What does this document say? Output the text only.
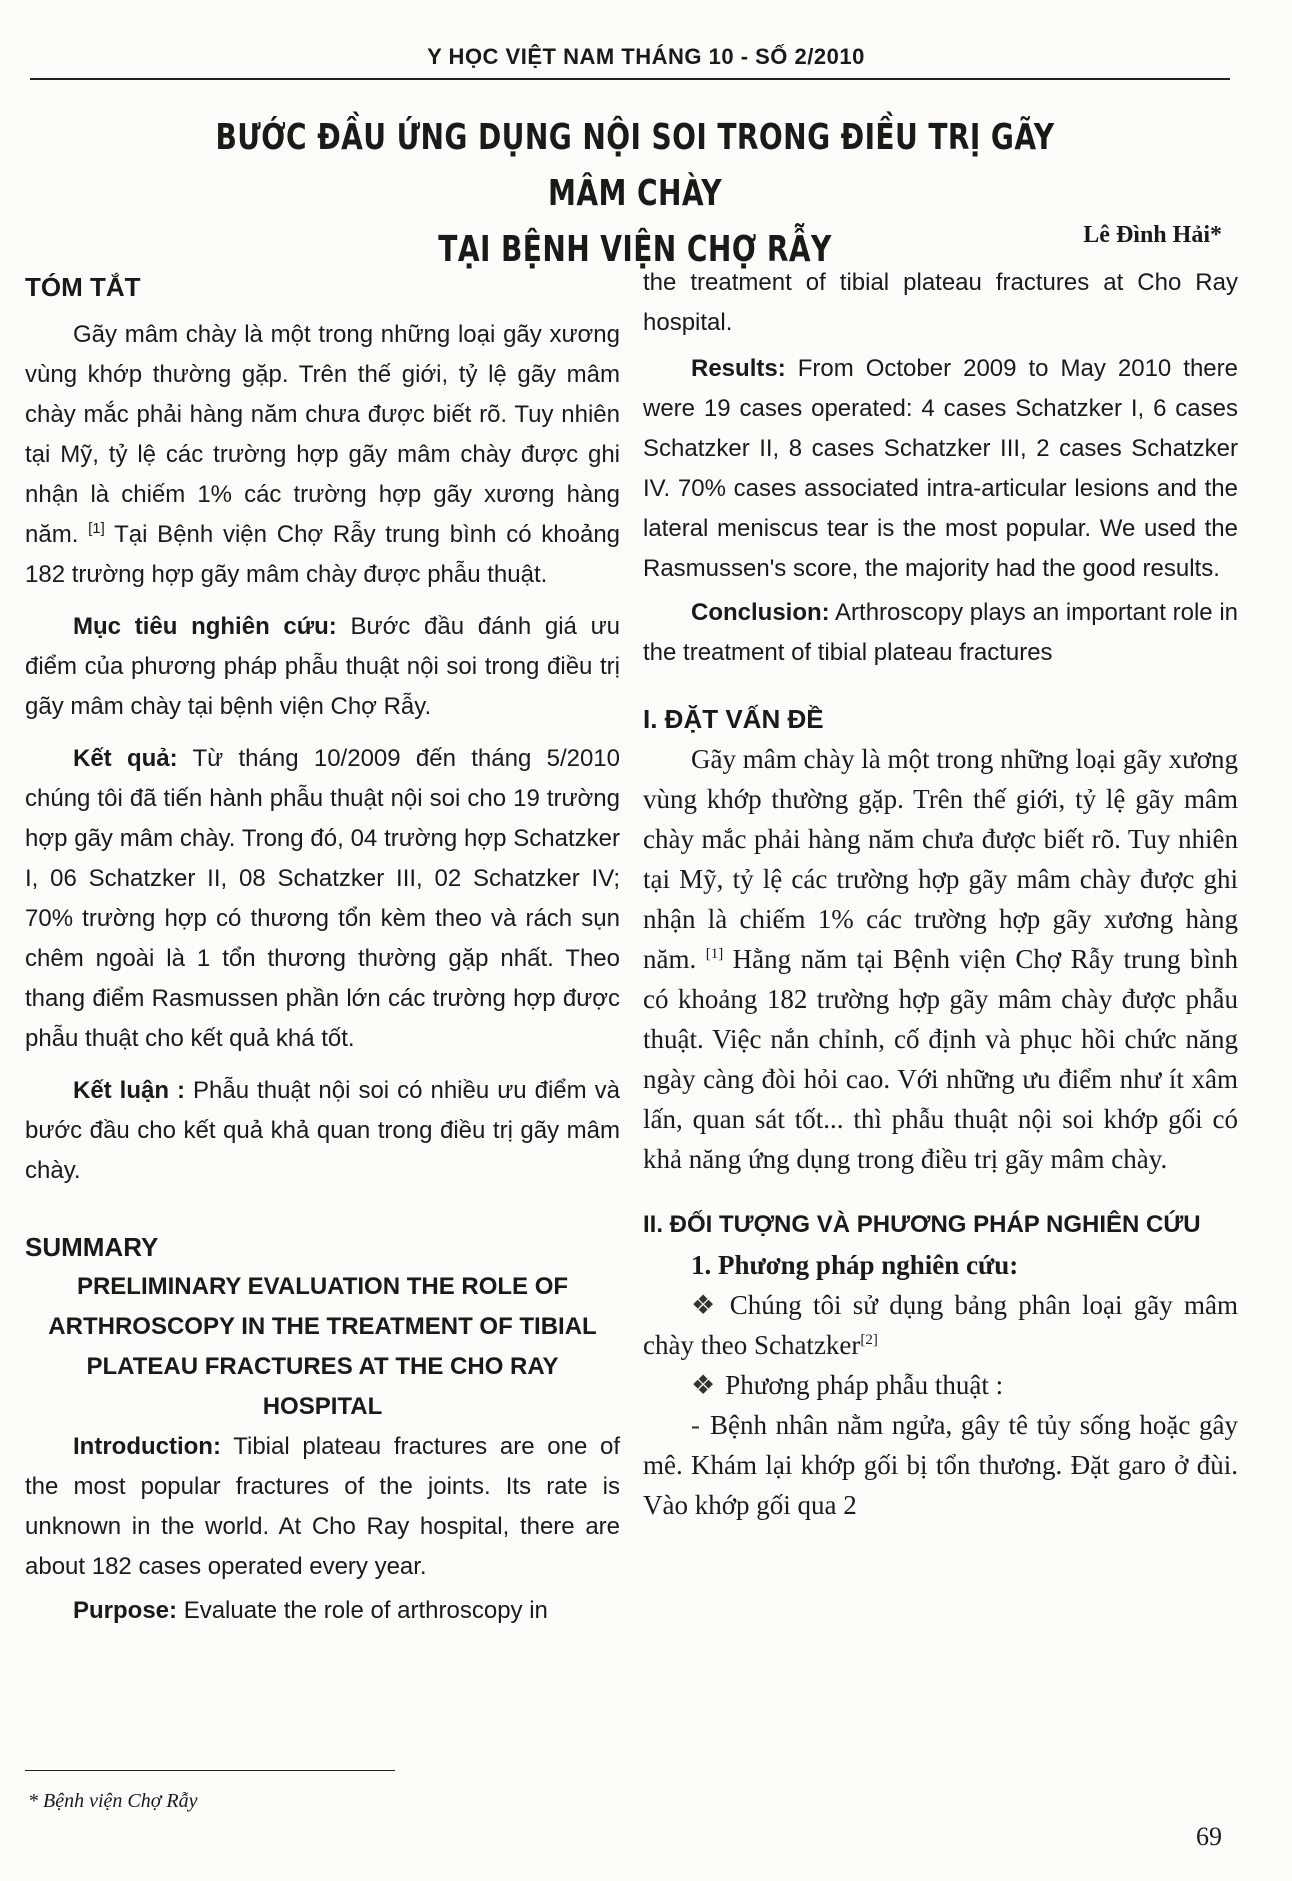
Y HỌC VIỆT NAM THÁNG 10 - SỐ 2/2010
BƯỚC ĐẦU ỨNG DỤNG NỘI SOI TRONG ĐIỀU TRỊ GÃY MÂM CHÀY
TẠI BỆNH VIỆN CHỢ RẪY	Lê Đình Hải*
TÓM TẮT

Gãy mâm chày là một trong những loại gãy xương vùng khớp thường gặp. Trên thế giới, tỷ lệ gãy mâm chày mắc phải hàng năm chưa được biết rõ. Tuy nhiên tại Mỹ, tỷ lệ các trường hợp gãy mâm chày được ghi nhận là chiếm 1% các trường hợp gãy xương hàng năm. [1] Tại Bệnh viện Chợ Rẫy trung bình có khoảng 182 trường hợp gãy mâm chày được phẫu thuật.

Mục tiêu nghiên cứu: Bước đầu đánh giá ưu điểm của phương pháp phẫu thuật nội soi trong điều trị gãy mâm chày tại bệnh viện Chợ Rẫy.

Kết quả: Từ tháng 10/2009 đến tháng 5/2010 chúng tôi đã tiến hành phẫu thuật nội soi cho 19 trường hợp gãy mâm chày. Trong đó, 04 trường hợp Schatzker I, 06 Schatzker II, 08 Schatzker III, 02 Schatzker IV; 70% trường hợp có thương tổn kèm theo và rách sụn chêm ngoài là 1 tổn thương thường gặp nhất. Theo thang điểm Rasmussen phần lớn các trường hợp được phẫu thuật cho kết quả khá tốt.

Kết luận : Phẫu thuật nội soi có nhiều ưu điểm và bước đầu cho kết quả khả quan trong điều trị gãy mâm chày.

SUMMARY

PRELIMINARY EVALUATION THE ROLE OF ARTHROSCOPY IN THE TREATMENT OF TIBIAL PLATEAU FRACTURES AT THE CHO RAY HOSPITAL

Introduction: Tibial plateau fractures are one of the most popular fractures of the joints. Its rate is unknown in the world. At Cho Ray hospital, there are about 182 cases operated every year.

Purpose: Evaluate the role of arthroscopy in

the treatment of tibial plateau fractures at Cho Ray hospital.

Results: From October 2009 to May 2010 there were 19 cases operated: 4 cases Schatzker I, 6 cases Schatzker II, 8 cases Schatzker III, 2 cases Schatzker IV. 70% cases associated intra-articular lesions and the lateral meniscus tear is the most popular. We used the Rasmussen's score, the majority had the good results.

Conclusion: Arthroscopy plays an important role in the treatment of tibial plateau fractures

I. ĐẶT VẤN ĐỀ

Gãy mâm chày là một trong những loại gãy xương vùng khớp thường gặp. Trên thế giới, tỷ lệ gãy mâm chày mắc phải hàng năm chưa được biết rõ. Tuy nhiên tại Mỹ, tỷ lệ các trường hợp gãy mâm chày được ghi nhận là chiếm 1% các trường hợp gãy xương hàng năm. [1] Hằng năm tại Bệnh viện Chợ Rẫy trung bình có khoảng 182 trường hợp gãy mâm chày được phẫu thuật. Việc nắn chỉnh, cố định và phục hồi chức năng ngày càng đòi hỏi cao. Với những ưu điểm như ít xâm lấn, quan sát tốt... thì phẫu thuật nội soi khớp gối có khả năng ứng dụng trong điều trị gãy mâm chày.

II. ĐỐI TƯỢNG VÀ PHƯƠNG PHÁP NGHIÊN CỨU

1. Phương pháp nghiên cứu:

❖ Chúng tôi sử dụng bảng phân loại gãy mâm chày theo Schatzker[2]

❖ Phương pháp phẫu thuật :

- Bệnh nhân nằm ngửa, gây tê tủy sống hoặc gây mê. Khám lại khớp gối bị tổn thương. Đặt garo ở đùi. Vào khớp gối qua 2

* Bệnh viện Chợ Rẫy
69
